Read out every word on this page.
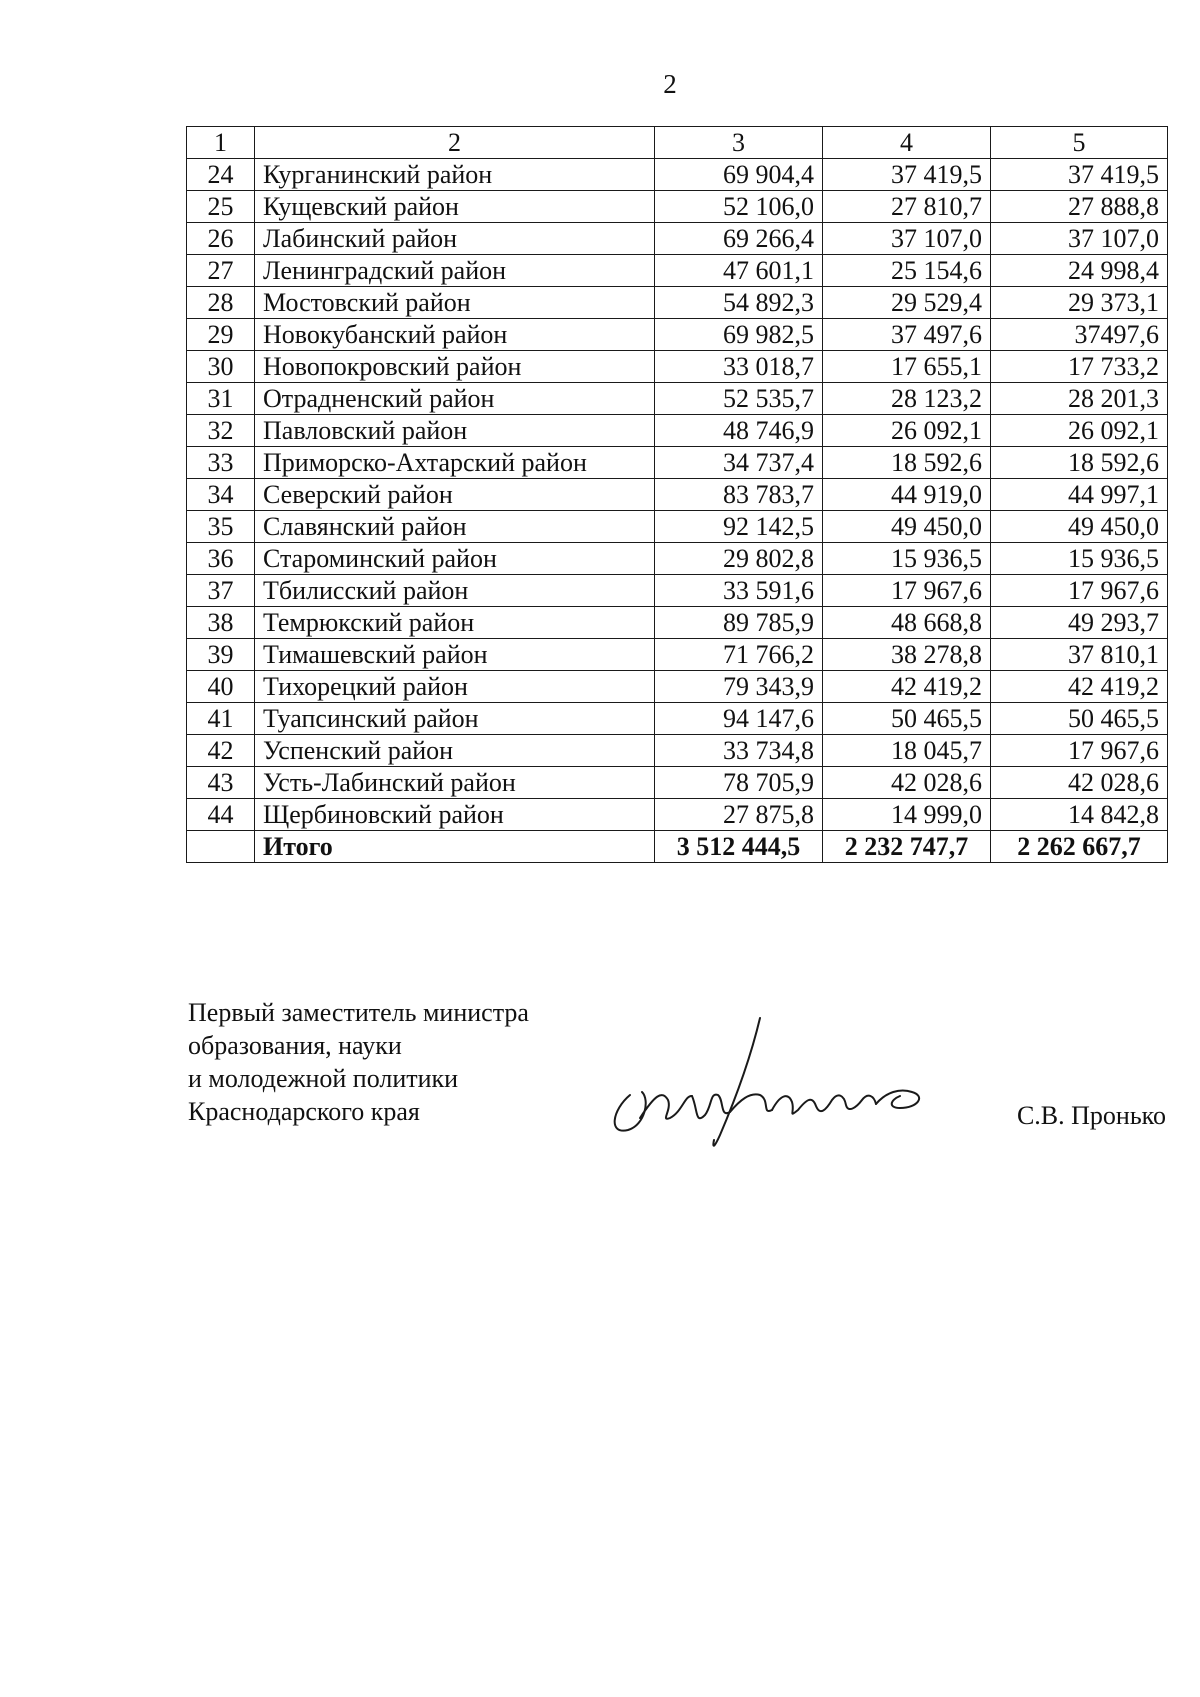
2
1	2	3	4	5
24	Курганинский район	69 904,4	37 419,5	37 419,5
25	Кущевский район	52 106,0	27 810,7	27 888,8
26	Лабинский район	69 266,4	37 107,0	37 107,0
27	Ленинградский район	47 601,1	25 154,6	24 998,4
28	Мостовский район	54 892,3	29 529,4	29 373,1
29	Новокубанский район	69 982,5	37 497,6	37497,6
30	Новопокровский район	33 018,7	17 655,1	17 733,2
31	Отрадненский район	52 535,7	28 123,2	28 201,3
32	Павловский район	48 746,9	26 092,1	26 092,1
33	Приморско-Ахтарский район	34 737,4	18 592,6	18 592,6
34	Северский район	83 783,7	44 919,0	44 997,1
35	Славянский район	92 142,5	49 450,0	49 450,0
36	Староминский район	29 802,8	15 936,5	15 936,5
37	Тбилисский район	33 591,6	17 967,6	17 967,6
38	Темрюкский район	89 785,9	48 668,8	49 293,7
39	Тимашевский район	71 766,2	38 278,8	37 810,1
40	Тихорецкий район	79 343,9	42 419,2	42 419,2
41	Туапсинский район	94 147,6	50 465,5	50 465,5
42	Успенский район	33 734,8	18 045,7	17 967,6
43	Усть-Лабинский район	78 705,9	42 028,6	42 028,6
44	Щербиновский район	27 875,8	14 999,0	14 842,8
	Итого	3 512 444,5	2 232 747,7	2 262 667,7
Первый заместитель министра
образования, науки
и молодежной политики
Краснодарского края	С.В. Пронько
